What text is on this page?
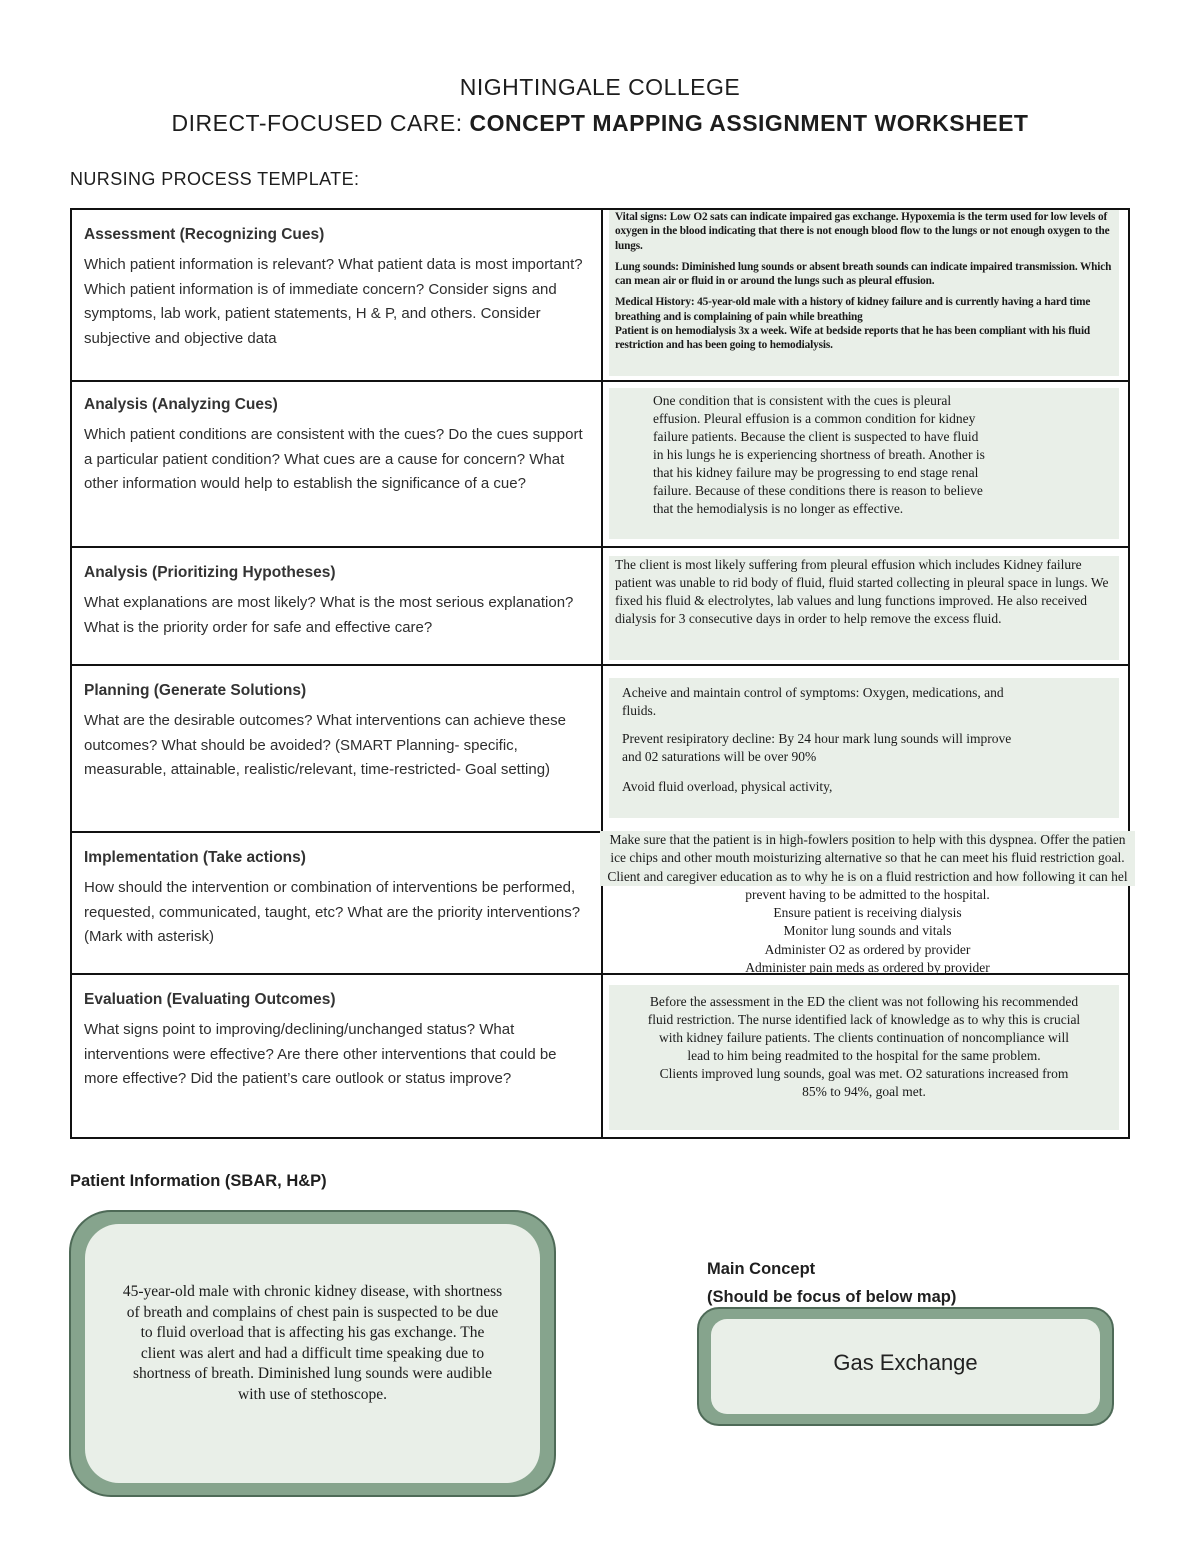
NIGHTINGALE COLLEGE
DIRECT-FOCUSED CARE: CONCEPT MAPPING ASSIGNMENT WORKSHEET
NURSING PROCESS TEMPLATE:
Assessment (Recognizing Cues)
Which patient information is relevant? What patient data is most important? Which patient information is of immediate concern? Consider signs and symptoms, lab work, patient statements, H & P, and others. Consider subjective and objective data

Vital signs: Low O2 sats can indicate impaired gas exchange. Hypoxemia is the term used for low levels of oxygen in the blood indicating that there is not enough blood flow to the lungs or not enough oxygen to the lungs.

Lung sounds: Diminished lung sounds or absent breath sounds can indicate impaired transmission. Which can mean air or fluid in or around the lungs such as pleural effusion.

Medical History: 45-year-old male with a history of kidney failure and is currently having a hard time breathing and is complaining of pain while breathing

Patient is on hemodialysis 3x a week. Wife at bedside reports that he has been compliant with his fluid restriction and has been going to hemodialysis.

Analysis (Analyzing Cues)
Which patient conditions are consistent with the cues? Do the cues support a particular patient condition? What cues are a cause for concern? What other information would help to establish the significance of a cue?
One condition that is consistent with the cues is pleural effusion. Pleural effusion is a common condition for kidney failure patients. Because the client is suspected to have fluid in his lungs he is experiencing shortness of breath. Another is that his kidney failure may be progressing to end stage renal failure. Because of these conditions there is reason to believe that the hemodialysis is no longer as effective.
Analysis (Prioritizing Hypotheses)
What explanations are most likely? What is the most serious explanation? What is the priority order for safe and effective care?
The client is most likely suffering from pleural effusion which includes Kidney failure patient was unable to rid body of fluid, fluid started collecting in pleural space in lungs. We fixed his fluid & electrolytes, lab values and lung functions improved. He also received dialysis for 3 consecutive days in order to help remove the excess fluid.
Planning (Generate Solutions)
What are the desirable outcomes? What interventions can achieve these outcomes? What should be avoided? (SMART Planning- specific, measurable, attainable, realistic/relevant, time-restricted- Goal setting)

Acheive and maintain control of symptoms: Oxygen, medications, and fluids.

Prevent resipiratory decline: By 24 hour mark lung sounds will improve and 02 saturations will be over 90%

Avoid fluid overload, physical activity,

Implementation (Take actions)
How should the intervention or combination of interventions be performed, requested, communicated, taught, etc? What are the priority interventions? (Mark with asterisk)
Make sure that the patient is in high-fowlers position to help with this dyspnea. Offer the patien
ice chips and other mouth moisturizing alternative so that he can meet his fluid restriction goal.
Client and caregiver education as to why he is on a fluid restriction and how following it can hel
prevent having to be admitted to the hospital.
Ensure patient is receiving dialysis
Monitor lung sounds and vitals
Administer O2 as ordered by provider
Administer pain meds as ordered by provider
Evaluation (Evaluating Outcomes)
What signs point to improving/declining/unchanged status? What interventions were effective? Are there other interventions that could be more effective? Did the patient’s care outlook or status improve?

Before the assessment in the ED the client was not following his recommended fluid restriction. The nurse identified lack of knowledge as to why this is crucial with kidney failure patients. The clients continuation of noncompliance will lead to him being readmited to the hospital for the same problem.

Clients improved lung sounds, goal was met. O2 saturations increased from 85% to 94%, goal met.

Patient Information (SBAR, H&P)
45-year-old male with chronic kidney disease, with shortness of breath and complains of chest pain is suspected to be due to fluid overload that is affecting his gas exchange. The client was alert and had a difficult time speaking due to shortness of breath. Diminished lung sounds were audible with use of stethoscope.
Main Concept
(Should be focus of below map)
Gas Exchange
